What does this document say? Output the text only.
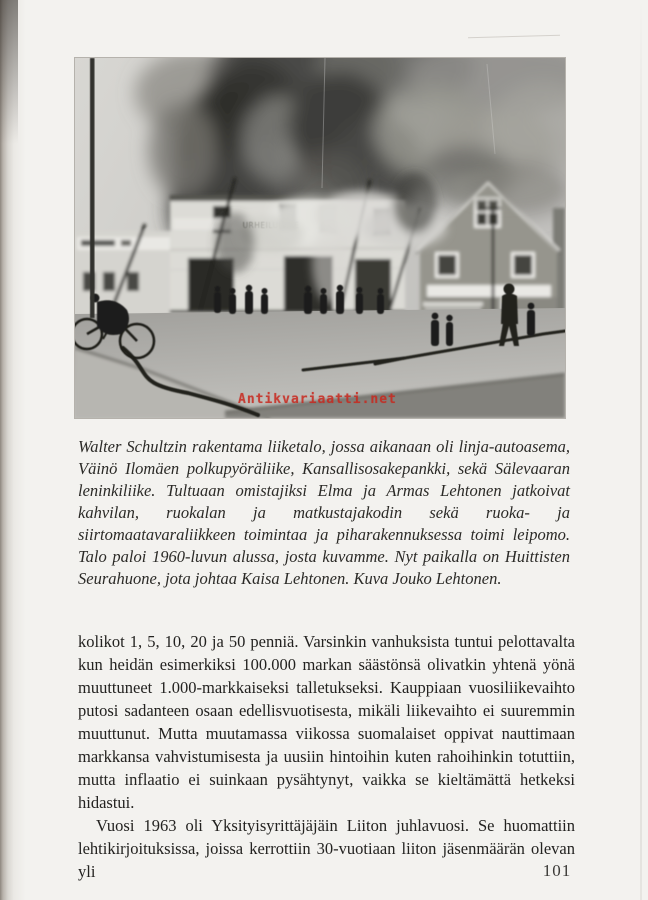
Antikvariaatti.net
Walter Schultzin rakentama liiketalo, jossa aikanaan oli linja-autoasema, Väinö Ilomäen polkupyöräliike, Kansallisosakepankki, sekä Sälevaaran leninkiliike. Tultuaan omistajiksi Elma ja Armas Lehtonen jatkoivat kahvilan, ruokalan ja matkustajakodin sekä ruoka- ja siirtomaatavaraliikkeen toimintaa ja piharakennuksessa toimi leipomo. Talo paloi 1960-luvun alussa, josta kuvamme. Nyt paikalla on Huittisten Seurahuone, jota johtaa Kaisa Lehtonen. Kuva Jouko Lehtonen.

kolikot 1, 5, 10, 20 ja 50 penniä. Varsinkin vanhuksista tuntui pelottavalta kun heidän esimerkiksi 100.000 markan säästönsä olivatkin yhtenä yönä muuttuneet 1.000-markkaiseksi talletukseksi. Kauppiaan vuosiliikevaihto putosi sadanteen osaan edellisvuotisesta, mikäli liikevaihto ei suuremmin muuttunut. Mutta muutamassa viikossa suomalaiset oppivat nauttimaan markkansa vahvistumisesta ja uusiin hintoihin kuten rahoihinkin totuttiin, mutta inflaatio ei suinkaan pysähtynyt, vaikka se kieltämättä hetkeksi hidastui.

Vuosi 1963 oli Yksityisyrittäjäjäin Liiton juhlavuosi. Se huomattiin lehtikirjoituksissa, joissa kerrottiin 30-vuotiaan liiton jäsenmäärän olevan yli	101
